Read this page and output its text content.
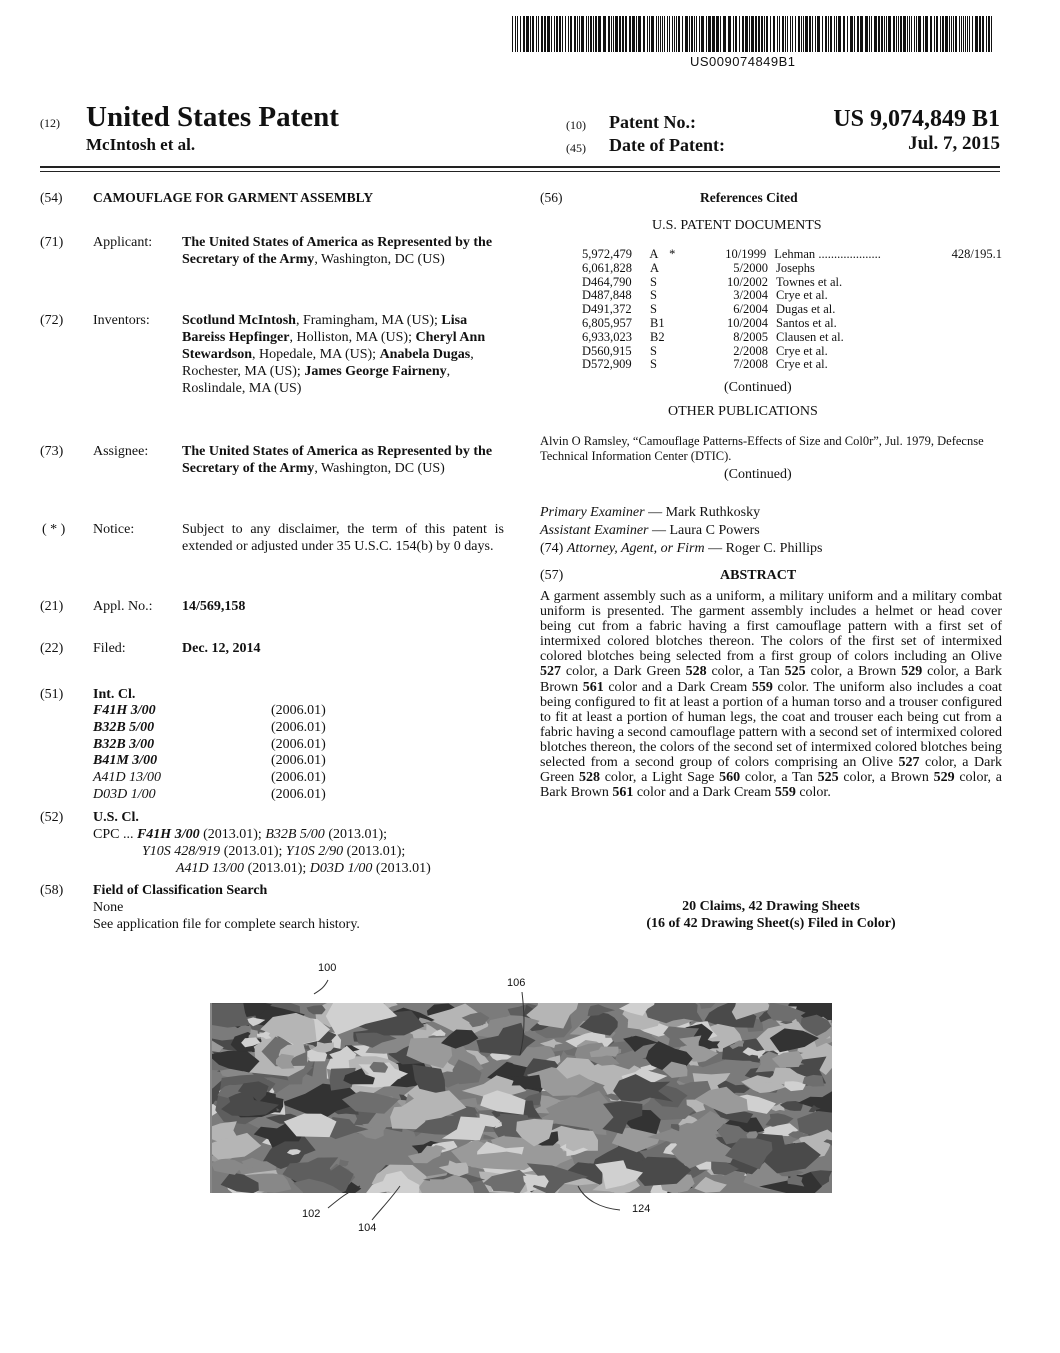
US009074849B1
(12) United States Patent
McIntosh et al.
(10) Patent No.:	US 9,074,849 B1
(45) Date of Patent:	Jul. 7, 2015
(54) CAMOUFLAGE FOR GARMENT ASSEMBLY
(71) Applicant: The United States of America as Represented by the Secretary of the Army, Washington, DC (US)
(72) Inventors: Scotlund McIntosh, Framingham, MA (US); Lisa Bareiss Hepfinger, Holliston, MA (US); Cheryl Ann Stewardson, Hopedale, MA (US); Anabela Dugas, Rochester, MA (US); James George Fairneny, Roslindale, MA (US)
(73) Assignee: The United States of America as Represented by the Secretary of the Army, Washington, DC (US)
( * ) Notice:	Subject to any disclaimer, the term of this patent is extended or adjusted under 35 U.S.C. 154(b) by 0 days.
(21) Appl. No.: 14/569,158
(22) Filed:	Dec. 12, 2014
(51) Int. Cl.
F41H 3/00	(2006.01)
B32B 5/00	(2006.01)
B32B 3/00	(2006.01)
B41M 3/00	(2006.01)
A41D 13/00	(2006.01)
D03D 1/00	(2006.01)
(52) U.S. Cl.
CPC ... F41H 3/00 (2013.01); B32B 5/00 (2013.01);
Y10S 428/919 (2013.01); Y10S 2/90 (2013.01);
A41D 13/00 (2013.01); D03D 1/00 (2013.01)
(58) Field of Classification Search
None
See application file for complete search history.
(56)	References Cited
U.S. PATENT DOCUMENTS
5,972,479	A *	10/1999 Lehman ....................	428/195.1
6,061,828	A	5/2000 Josephs
D464,790	S	10/2002 Townes et al.
D487,848	S	3/2004 Crye et al.
D491,372	S	6/2004 Dugas et al.
6,805,957	B1	10/2004 Santos et al.
6,933,023	B2	8/2005 Clausen et al.
D560,915	S	2/2008 Crye et al.
D572,909	S	7/2008 Crye et al.
(Continued)
OTHER PUBLICATIONS
Alvin O Ramsley, “Camouflage Patterns-Effects of Size and Col0r”, Jul. 1979, Defecnse Technical Information Center (DTIC).
(Continued)
Primary Examiner — Mark Ruthkosky
Assistant Examiner — Laura C Powers
(74) Attorney, Agent, or Firm — Roger C. Phillips
(57)	ABSTRACT
A garment assembly such as a uniform, a military uniform and a military combat uniform is presented. The garment assembly includes a helmet or head cover being cut from a fabric having a first camouflage pattern with a first set of intermixed colored blotches thereon. The colors of the first set of intermixed colored blotches being selected from a first group of colors including an Olive 527 color, a Dark Green 528 color, a Tan 525 color, a Brown 529 color, a Bark Brown 561 color and a Dark Cream 559 color. The uniform also includes a coat being configured to fit at least a portion of a human torso and a trouser configured to fit at least a portion of human legs, the coat and trouser each being cut from a fabric having a second camouflage pattern with a second set of intermixed colored blotches thereon, the colors of the second set of intermixed colored blotches being selected from a second group of colors comprising an Olive 527 color, a Dark Green 528 color, a Light Sage 560 color, a Tan 525 color, a Brown 529 color, a Bark Brown 561 color and a Dark Cream 559 color.
20 Claims, 42 Drawing Sheets
(16 of 42 Drawing Sheet(s) Filed in Color)
100
106
102
104
124
